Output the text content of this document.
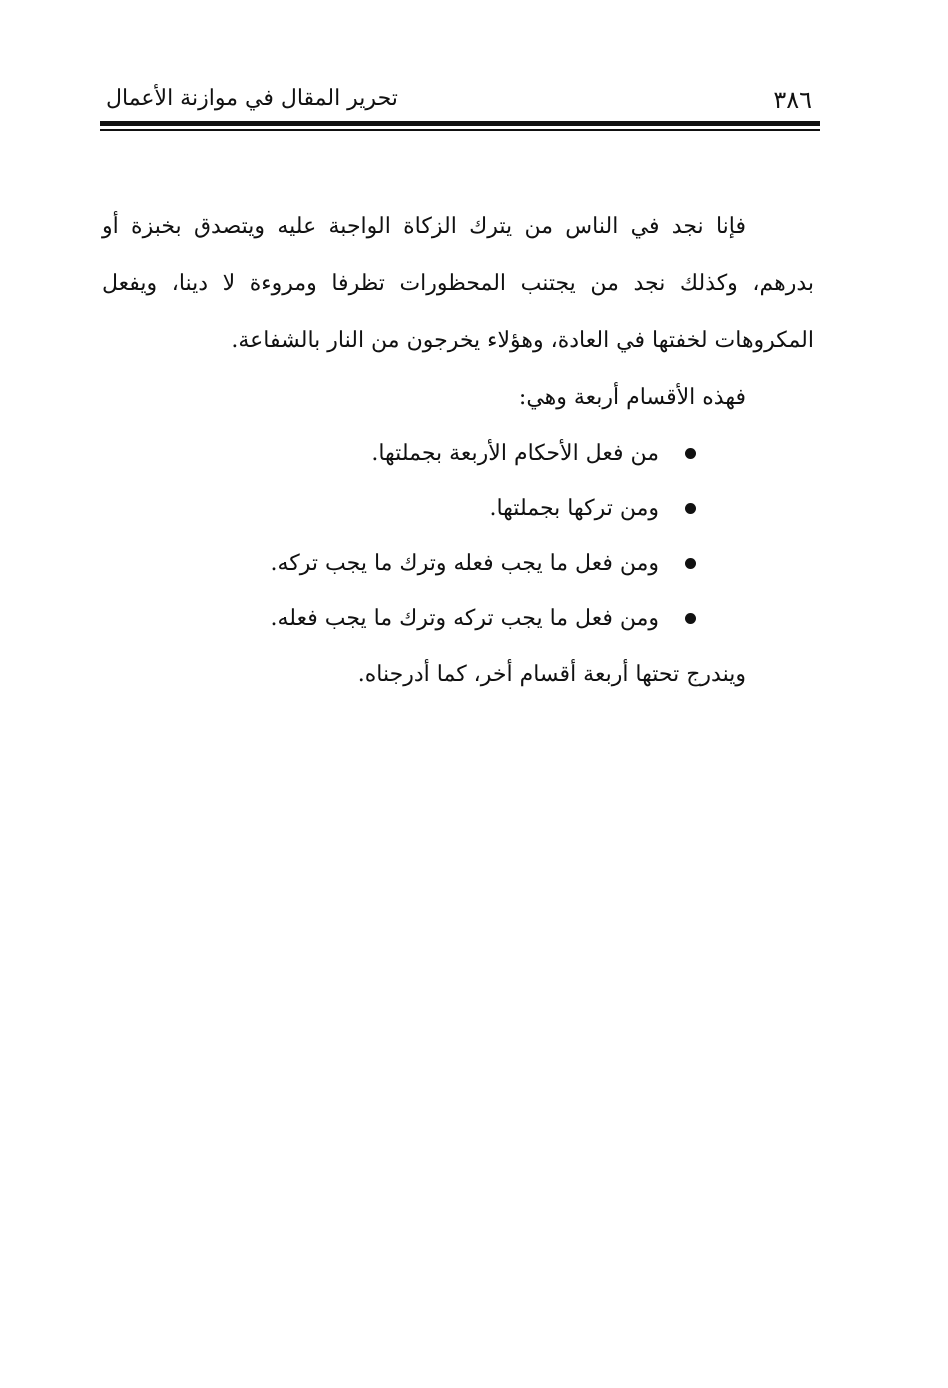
٣٨٦
تحرير المقال في موازنة الأعمال

فإنا نجد في الناس من يترك الزكاة الواجبة عليه ويتصدق بخبزة أو بدرهم، وكذلك نجد من يجتنب المحظورات تظرفا ومروءة لا دينا، ويفعل المكروهات لخفتها في العادة، وهؤلاء يخرجون من النار بالشفاعة.

فهذه الأقسام أربعة وهي:

من فعل الأحكام الأربعة بجملتها.
ومن تركها بجملتها.
ومن فعل ما يجب فعله وترك ما يجب تركه.
ومن فعل ما يجب تركه وترك ما يجب فعله.

ويندرج تحتها أربعة أقسام أخر، كما أدرجناه.
